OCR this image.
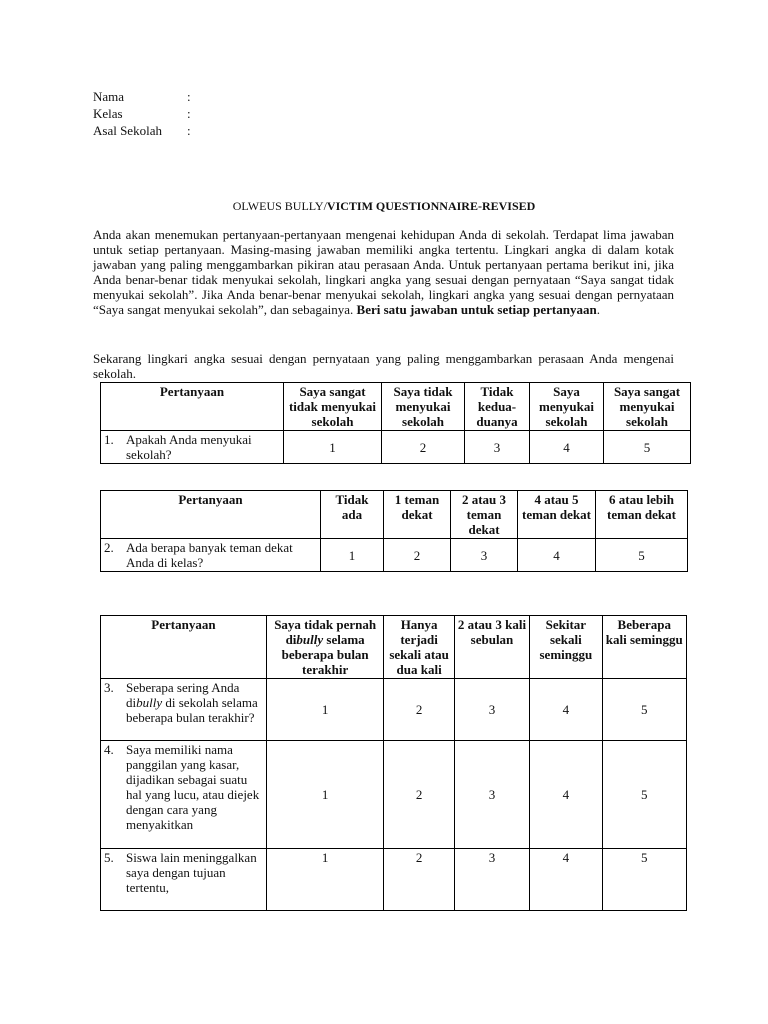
Nama	:
Kelas	:
Asal Sekolah	:
OLWEUS BULLY/VICTIM QUESTIONNAIRE-REVISED
Anda akan menemukan pertanyaan-pertanyaan mengenai kehidupan Anda di sekolah. Terdapat lima jawaban untuk setiap pertanyaan. Masing-masing jawaban memiliki angka tertentu. Lingkari angka di dalam kotak jawaban yang paling menggambarkan pikiran atau perasaan Anda. Untuk pertanyaan pertama berikut ini, jika Anda benar-benar tidak menyukai sekolah, lingkari angka yang sesuai dengan pernyataan “Saya sangat tidak menyukai sekolah”. Jika Anda benar-benar menyukai sekolah, lingkari angka yang sesuai dengan pernyataan “Saya sangat menyukai sekolah”, dan sebagainya. Beri satu jawaban untuk setiap pertanyaan.
Sekarang lingkari angka sesuai dengan pernyataan yang paling menggambarkan perasaan Anda mengenai sekolah.
Pertanyaan	Saya sangat tidak menyukai sekolah	Saya tidak menyukai sekolah	Tidak kedua-duanya	Saya menyukai sekolah	Saya sangat menyukai sekolah

1. Apakah Anda menyukai sekolah?	1	2	3	4	5
Pertanyaan	Tidak ada	1 teman dekat	2 atau 3 teman dekat	4 atau 5 teman dekat	6 atau lebih teman dekat

2. Ada berapa banyak teman dekat Anda di kelas?	1	2	3	4	5
Pertanyaan	Saya tidak pernah dibully selama beberapa bulan terakhir	Hanya terjadi sekali atau dua kali	2 atau 3 kali sebulan	Sekitar sekali seminggu	Beberapa kali seminggu

3. Seberapa sering Anda dibully di sekolah selama beberapa bulan terakhir?	1	2	3	4	5

4. Saya memiliki nama panggilan yang kasar, dijadikan sebagai suatu hal yang lucu, atau diejek dengan cara yang menyakitkan	1	2	3	4	5

5. Siswa lain meninggalkan saya dengan tujuan tertentu,	1	2	3	4	5
